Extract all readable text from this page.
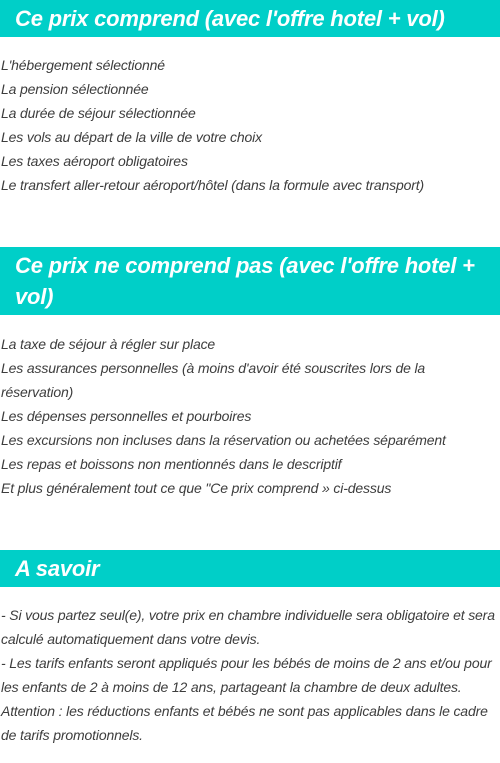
Ce prix comprend (avec l'offre hotel + vol)
L'hébergement sélectionné
La pension sélectionnée
La durée de séjour sélectionnée
Les vols au départ de la ville de votre choix
Les taxes aéroport obligatoires
Le transfert aller-retour aéroport/hôtel (dans la formule avec transport)
Ce prix ne comprend pas (avec l'offre hotel + vol)
La taxe de séjour à régler sur place
Les assurances personnelles (à moins d'avoir été souscrites lors de la réservation)
Les dépenses personnelles et pourboires
Les excursions non incluses dans la réservation ou achetées séparément
Les repas et boissons non mentionnés dans le descriptif
Et plus généralement tout ce que "Ce prix comprend » ci-dessus
A savoir
- Si vous partez seul(e), votre prix en chambre individuelle sera obligatoire et sera calculé automatiquement dans votre devis.
- Les tarifs enfants seront appliqués pour les bébés de moins de 2 ans et/ou pour les enfants de 2 à moins de 12 ans, partageant la chambre de deux adultes.
Attention : les réductions enfants et bébés ne sont pas applicables dans le cadre de tarifs promotionnels.
